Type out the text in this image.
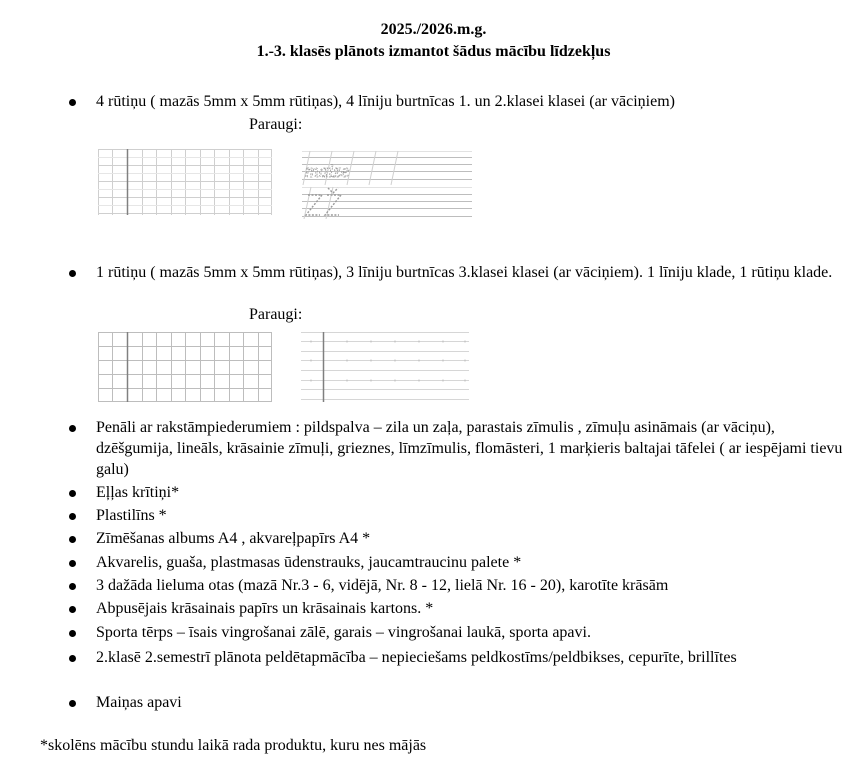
2025./2026.m.g.
1.-3. klasēs plānots izmantot šādus mācību līdzekļus
4 rūtiņu ( mazās 5mm x 5mm rūtiņas), 4 līniju burtnīcas 1. un 2.klasei klasei (ar vāciņiem)
Paraugi:
maize
1 rūtiņu ( mazās 5mm x 5mm rūtiņas), 3 līniju burtnīcas 3.klasei klasei (ar vāciņiem). 1 līniju klade, 1 rūtiņu klade.
Paraugi:
Penāli ar rakstāmpiederumiem : pildspalva – zila un zaļa, parastais zīmulis , zīmuļu asināmais (ar vāciņu), dzēšgumija, lineāls, krāsainie zīmuļi, grieznes, līmzīmulis, flomāsteri, 1 marķieris baltajai tāfelei ( ar iespējami tievu galu)
Eļļas krītiņi*
Plastilīns *
Zīmēšanas albums A4 , akvareļpapīrs A4 *
Akvarelis, guaša, plastmasas ūdenstrauks, jaucamtraucinu palete *
3 dažāda lieluma otas (mazā Nr.3 - 6, vidējā, Nr. 8 - 12, lielā Nr. 16 - 20), karotīte krāsām
Abpusējais krāsainais papīrs un krāsainais kartons. *
Sporta tērps – īsais vingrošanai zālē, garais – vingrošanai laukā, sporta apavi.
2.klasē 2.semestrī plānota peldētapmācība – nepieciešams peldkostīms/peldbikses, cepurīte, brillītes
Maiņas apavi
*skolēns mācību stundu laikā rada produktu, kuru nes mājās
